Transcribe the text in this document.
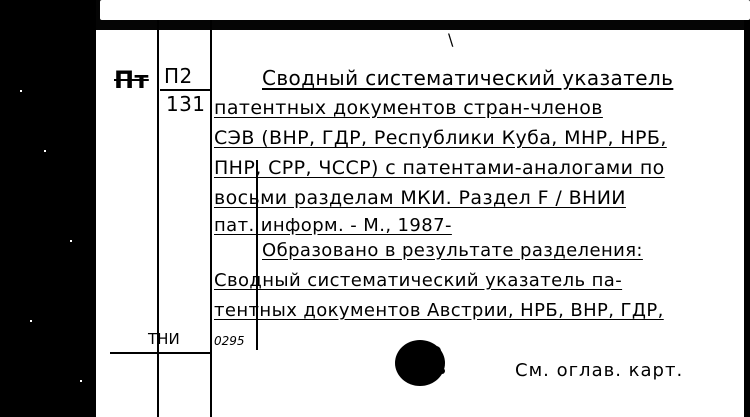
\
П2
131
Пт
ТНИ	0295
Сводный систематический указатель
патентных документов стран-членов
СЭВ (ВНР, ГДР, Республики Куба, МНР, НРБ,
ПНР, СРР, ЧССР) с патентами-аналогами по
восьми разделам МКИ. Раздел F / ВНИИ
пат. информ. - М., 1987-
Образовано в результате разделения:
Сводный систематический указатель па-
тентных документов Австрии, НРБ, ВНР, ГДР,
См. оглав. карт.
